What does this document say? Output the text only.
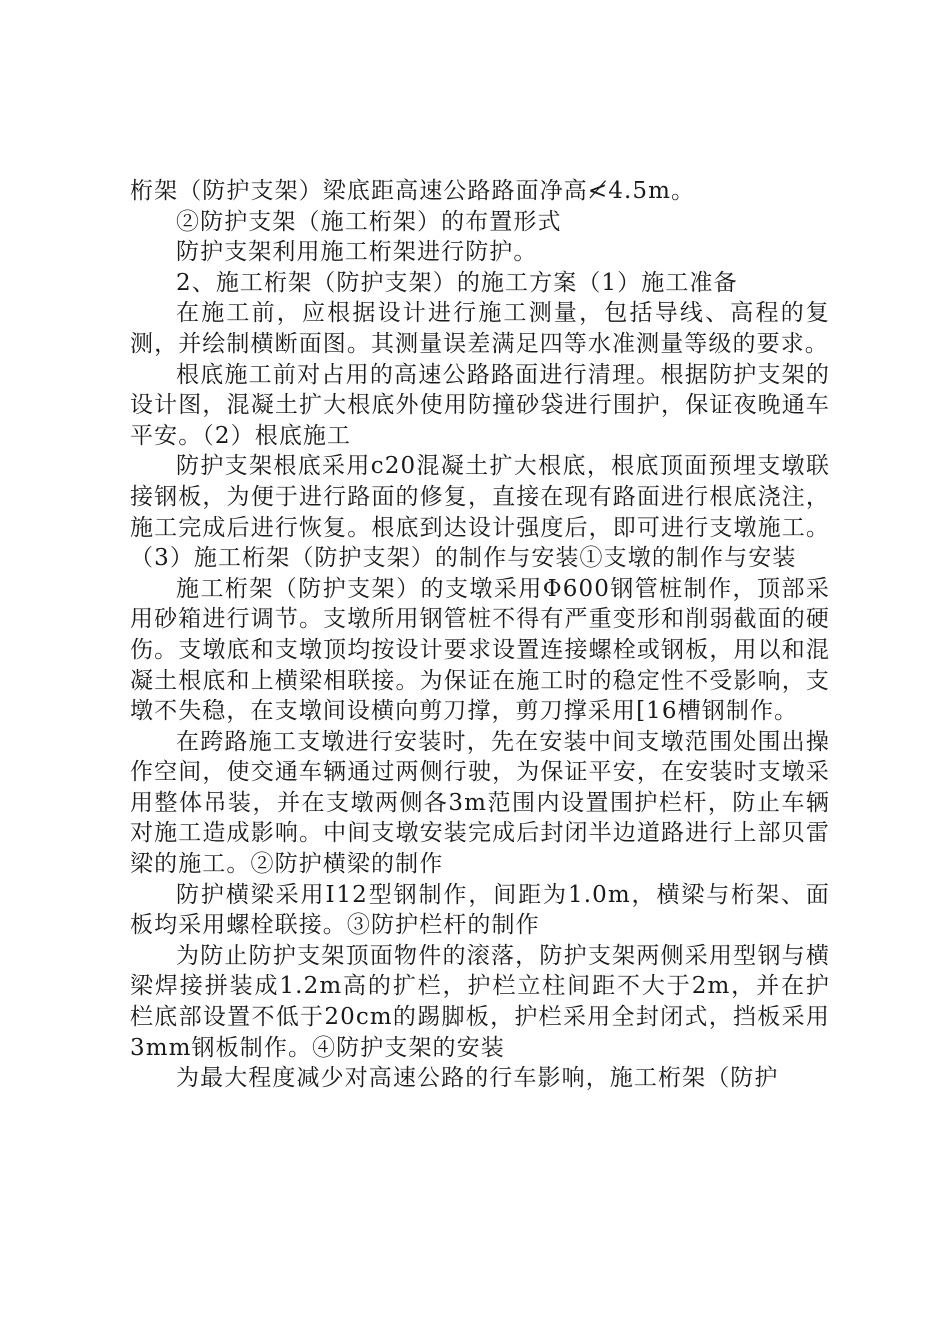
桁架（防护支架）梁底距高速公路路面净高≮4.5m。

②防护支架（施工桁架）的布置形式

防护支架利用施工桁架进行防护。

2、施工桁架（防护支架）的施工方案（1）施工准备

在施工前，应根据设计进行施工测量，包括导线、高程的复测，并绘制横断面图。其测量误差满足四等水准测量等级的要求。

根底施工前对占用的高速公路路面进行清理。根据防护支架的设计图，混凝土扩大根底外使用防撞砂袋进行围护，保证夜晚通车平安。（2）根底施工

防护支架根底采用c20混凝土扩大根底，根底顶面预埋支墩联接钢板，为便于进行路面的修复，直接在现有路面进行根底浇注，施工完成后进行恢复。根底到达设计强度后，即可进行支墩施工。（3）施工桁架（防护支架）的制作与安装①支墩的制作与安装

施工桁架（防护支架）的支墩采用Φ600钢管桩制作，顶部采用砂箱进行调节。支墩所用钢管桩不得有严重变形和削弱截面的硬伤。支墩底和支墩顶均按设计要求设置连接螺栓或钢板，用以和混凝土根底和上横梁相联接。为保证在施工时的稳定性不受影响，支墩不失稳，在支墩间设横向剪刀撑，剪刀撑采用[16槽钢制作。

在跨路施工支墩进行安装时，先在安装中间支墩范围处围出操作空间，使交通车辆通过两侧行驶，为保证平安，在安装时支墩采用整体吊装，并在支墩两侧各3m范围内设置围护栏杆，防止车辆对施工造成影响。中间支墩安装完成后封闭半边道路进行上部贝雷梁的施工。②防护横梁的制作

防护横梁采用Ⅰ12型钢制作，间距为1.0m，横梁与桁架、面板均采用螺栓联接。③防护栏杆的制作

为防止防护支架顶面物件的滚落，防护支架两侧采用型钢与横梁焊接拼装成1.2m高的扩栏，护栏立柱间距不大于2m，并在护栏底部设置不低于20cm的踢脚板，护栏采用全封闭式，挡板采用3mm钢板制作。④防护支架的安装

为最大程度减少对高速公路的行车影响，施工桁架（防护
